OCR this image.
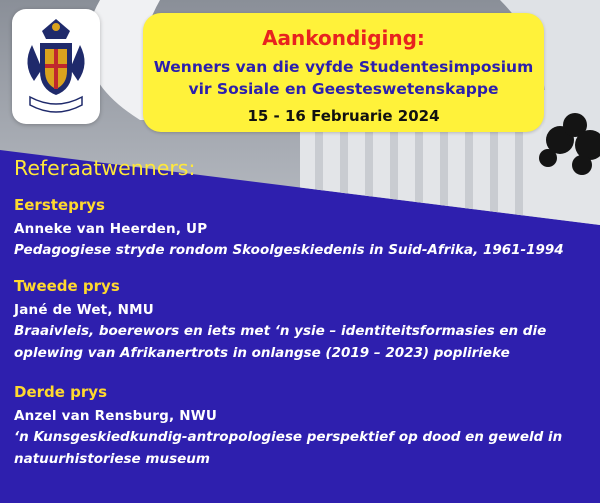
Aankondiging:
Wenners van die vyfde Studentesimposium
vir Sosiale en Geesteswetenskappe
15 - 16 Februarie 2024
Referaatwenners:
Eersteprys
Anneke van Heerden, UP
Pedagogiese stryde rondom Skoolgeskiedenis in Suid-Afrika, 1961-1994
Tweede prys
Jané de Wet, NMU
Braaivleis, boerewors en iets met ‘n ysie – identiteitsformasies en die
oplewing van Afrikanertrots in onlangse (2019 – 2023) poplirieke
Derde prys
Anzel van Rensburg, NWU
‘n Kunsgeskiedkundig-antropologiese perspektief op dood en geweld in
natuurhistoriese museum
